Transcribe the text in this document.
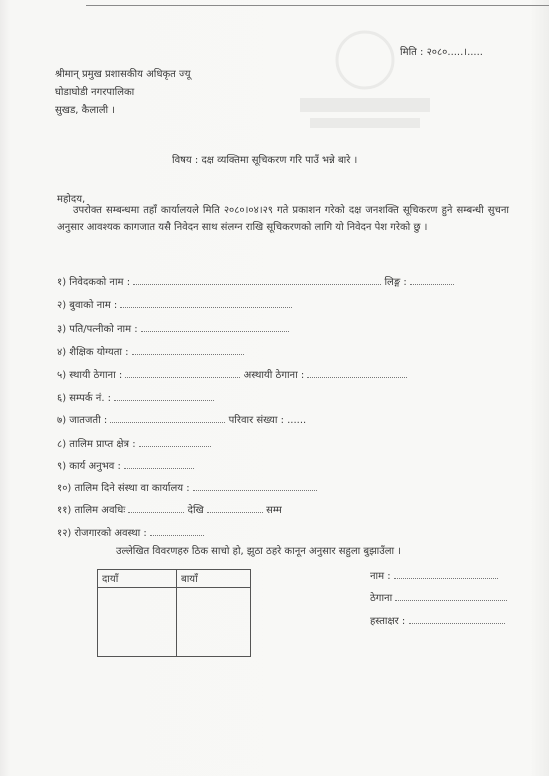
मिति : २०८०.....।.....
श्रीमान् प्रमुख प्रशासकीय अधिकृत ज्यू
घोडाघोडी नगरपालिका
सुखड, कैलाली ।
विषय : दक्ष व्यक्तिमा सूचिकरण गरि पाउँ भन्ने बारे ।
महोदय,
उपरोक्त सम्बन्धमा तहाँ कार्यालयले मिति २०८०।०४।२९ गते प्रकाशन गरेको दक्ष जनशक्ति सूचिकरण हुने सम्बन्धी सुचना अनुसार आवश्यक कागजात यसै निवेदन साथ संलग्न राखि सूचिकरणको लागि यो निवेदन पेश गरेको छु ।
१) निवेदकको नाम :	लिङ्ग :
२) बुवाको नाम :
३) पति/पत्नीको नाम :
४) शैक्षिक योग्यता :
५) स्थायी ठेगाना :	अस्थायी ठेगाना :
६) सम्पर्क नं. :
७) जातजती :	परिवार संख्या : ......
८) तालिम प्राप्त क्षेत्र :
९) कार्य अनुभव :
१०) तालिम दिने संस्था वा कार्यालय :
११) तालिम अवधिः	देखि	सम्म
१२) रोजगारको अवस्था :
उल्लेखित विवरणहरु ठिक साचो हो, झुठा ठहरे कानून अनुसार सहुला बुझाउँला ।
दायाँ	बायाँ
		नाम :
ठेगाना
हस्ताक्षर :
